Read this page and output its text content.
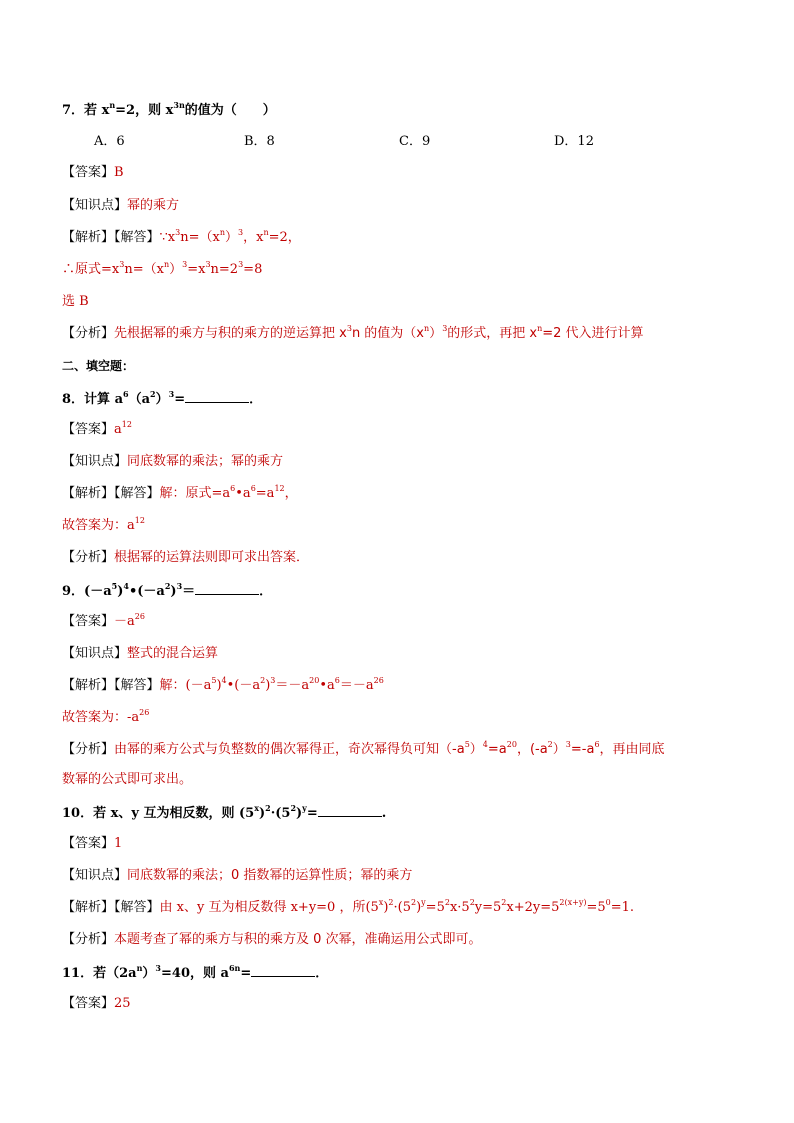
7．若 $x^n=2$，则 $x^{3n}$的值为（　　）
A．6	B．8	C．9	D．12
【答案】B
【知识点】幂的乘方
【解析】【解答】$\because x^3n=(x^n)^3$，$x^n=2$，
∴原式$=x^3n=(x^n)^3=x^3n=2^3=8$
选 B
【分析】先根据幂的乘方与积的乘方的逆运算把 $x^3n$ 的值为$(x^n)^3$的形式，再把 $x^n=2$ 代入进行计算
二、填空题：
8．计算 $a^6(a^2)^3=$	．
【答案】$a^{12}$
【知识点】同底数幂的乘法；幂的乘方
【解析】【解答】解：原式$=a^6•a^6=a^{12}$，
故答案为：$a^{12}$
【分析】根据幂的运算法则即可求出答案．
9．$(-a^5)^4•(-a^2)^3=$	．
【答案】$-a^{26}$
【知识点】整式的混合运算
【解析】【解答】解：$(-a^5)^4•(-a^2)^3=-a^{20}•a^6=-a^{26}$
故答案为：$-a^{26}$
【分析】由幂的乘方公式与负整数的偶次幂得正，奇次幂得负可知$(-a^5)^4=a^{20}$，$(-a^2)^3=-a^6$，再由同底
数幂的公式即可求出。
10．若 x、y 互为相反数，则 $(5^x)^2\cdot(5^2)^y=$	.
【答案】1
【知识点】同底数幂的乘法；0 指数幂的运算性质；幂的乘方
【解析】【解答】由 x、y 互为相反数得 x+y=0 ，所$(5^x)^2\cdot(5^2)^y=5^2x\cdot 5^2y=5^2x+2y=5^{2(x+y)}=5^0=1$.
【分析】本题考查了幂的乘方与积的乘方及 0 次幂，准确运用公式即可。
11．若$(2a^n)^3=40$，则 $a^{6n}=$	．
【答案】25
